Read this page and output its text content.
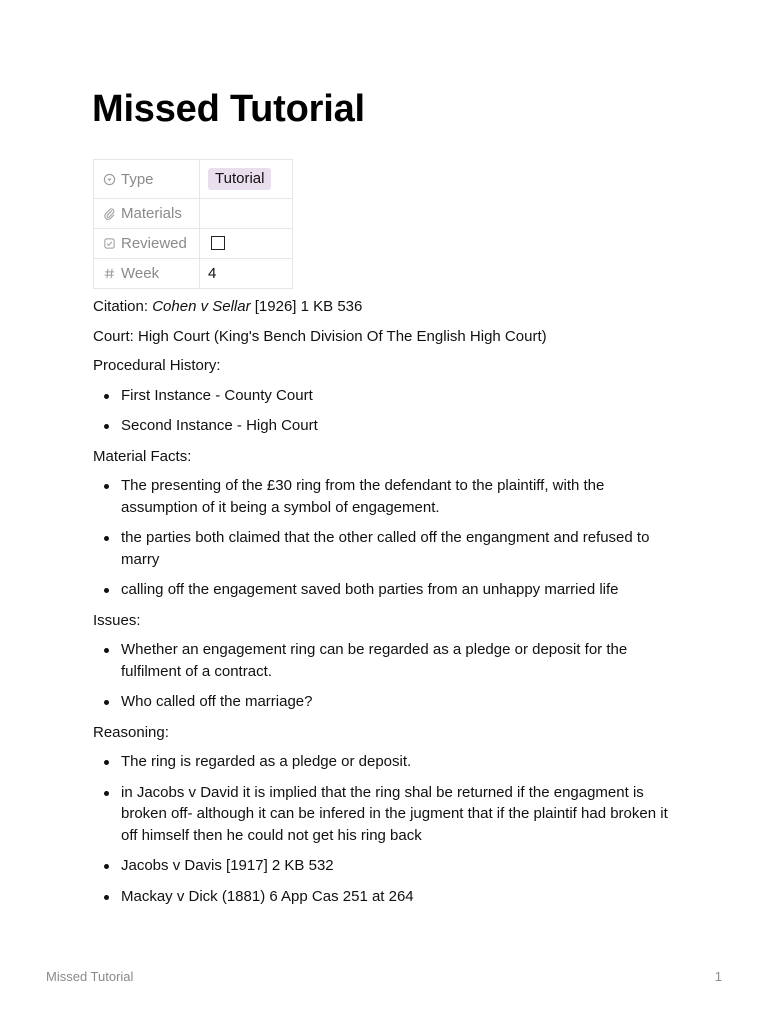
Missed Tutorial
Type	Tutorial
Materials	
Reviewed	
Week	4

Citation: Cohen v Sellar [1926] 1 KB 536

Court: High Court (King's Bench Division Of The English High Court)

Procedural History:

First Instance - County Court
Second Instance - High Court

Material Facts:

The presenting of the £30 ring from the defendant to the plaintiff, with the assumption of it being a symbol of engagement.
the parties both claimed that the other called off the engangment and refused to marry
calling off the engagement saved both parties from an unhappy married life

Issues:

Whether an engagement ring can be regarded as a pledge or deposit for the fulfilment of a contract.
Who called off the marriage?

Reasoning:

The ring is regarded as a pledge or deposit.
in Jacobs v David it is implied that the ring shal be returned if the engagment is broken off- although it can be infered in the jugment that if the plaintif had broken it off himself then he could not get his ring back
Jacobs v Davis [1917] 2 KB 532
Mackay v Dick (1881) 6 App Cas 251 at 264
Missed Tutorial	1
